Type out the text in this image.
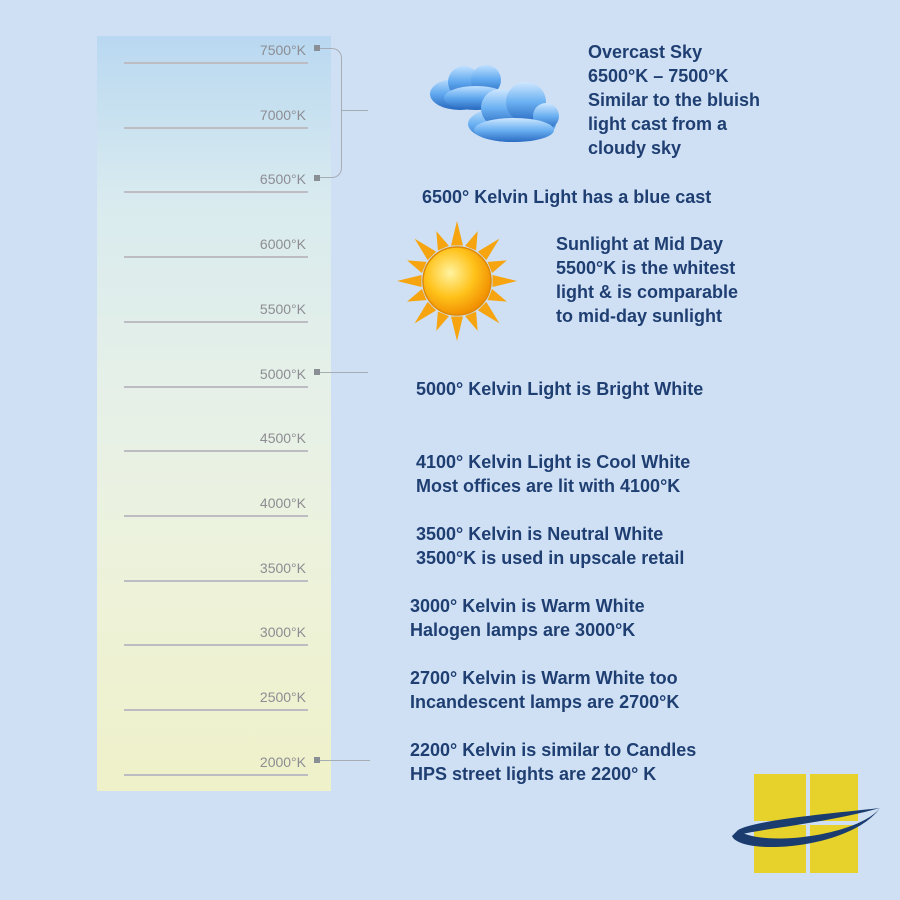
7500°K
7000°K
6500°K
6000°K
5500°K
5000°K
4500°K
4000°K
3500°K
3000°K
2500°K
2000°K
Overcast Sky
6500°K – 7500°K
Similar to the bluish
light cast from a
cloudy sky
6500° Kelvin Light has a blue cast
Sunlight at Mid Day
5500°K is the whitest
light & is comparable
to mid-day sunlight
5000° Kelvin Light is Bright White
4100° Kelvin Light is Cool White
Most offices are lit with 4100°K
3500° Kelvin is Neutral White
3500°K is used in upscale retail
3000° Kelvin is Warm White
Halogen lamps are 3000°K
2700° Kelvin is Warm White too
Incandescent lamps are 2700°K
2200° Kelvin is similar to Candles
HPS street lights are 2200° K
